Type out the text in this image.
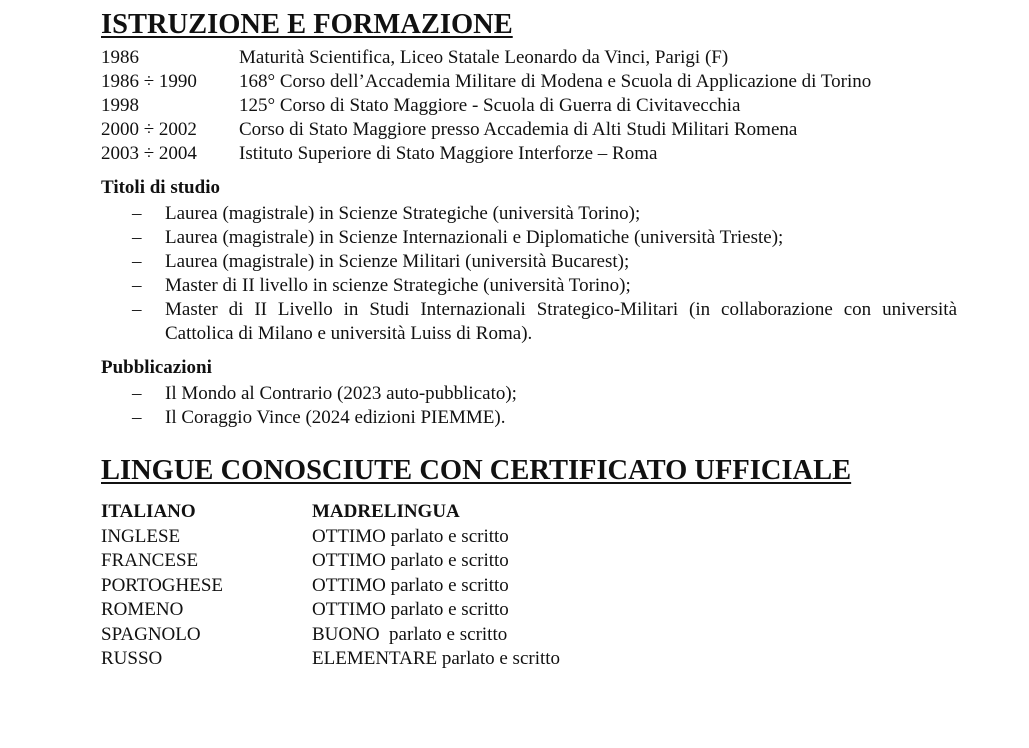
ISTRUZIONE E FORMAZIONE
1986	Maturità Scientifica, Liceo Statale Leonardo da Vinci, Parigi (F)
1986 ÷ 1990	168° Corso dell’Accademia Militare di Modena e Scuola di Applicazione di Torino
1998	125° Corso di Stato Maggiore - Scuola di Guerra di Civitavecchia
2000 ÷ 2002	Corso di Stato Maggiore presso Accademia di Alti Studi Militari Romena
2003 ÷ 2004	Istituto Superiore di Stato Maggiore Interforze – Roma
Titoli di studio
–	Laurea (magistrale) in Scienze Strategiche (università Torino);
–	Laurea (magistrale) in Scienze Internazionali e Diplomatiche (università Trieste);
–	Laurea (magistrale) in Scienze Militari (università Bucarest);
–	Master di II livello in scienze Strategiche (università Torino);
–	Master di II Livello in Studi Internazionali Strategico-Militari (in collaborazione con università Cattolica di Milano e università Luiss di Roma).
Pubblicazioni
–	Il Mondo al Contrario (2023 auto-pubblicato);
–	Il Coraggio Vince (2024 edizioni PIEMME).
LINGUE CONOSCIUTE CON CERTIFICATO UFFICIALE
ITALIANO	MADRELINGUA
INGLESE	OTTIMO parlato e scritto
FRANCESE	OTTIMO parlato e scritto
PORTOGHESE	OTTIMO parlato e scritto
ROMENO	OTTIMO parlato e scritto
SPAGNOLO	BUONO  parlato e scritto
RUSSO	ELEMENTARE parlato e scritto
